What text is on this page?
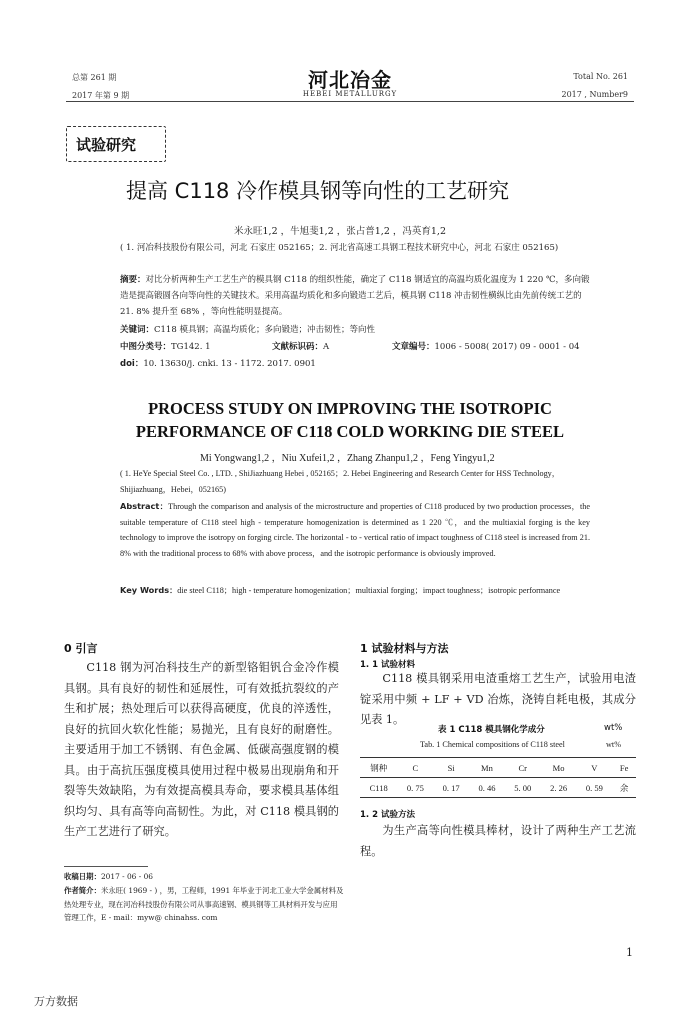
总第 261 期
2017 年第 9 期
河北冶金
HEBEI METALLURGY
Total No. 261
2017 , Number9
试验研究
提高 C118 冷作模具钢等向性的工艺研究
米永旺1,2 ，牛旭斐1,2 ，张占普1,2 ，冯英育1,2
( 1. 河冶科技股份有限公司，河北 石家庄 052165；2. 河北省高速工具钢工程技术研究中心，河北 石家庄 052165)
摘要：对比分析两种生产工艺生产的模具钢 C118 的组织性能，确定了 C118 钢适宜的高温均质化温度为 1 220 ℃，多向锻造是提高锻圆各向等向性的关键技术。采用高温均质化和多向锻造工艺后，模具钢 C118 冲击韧性横纵比由先前传统工艺的 21. 8% 提升至 68% ，等向性能明显提高。
关键词：C118 模具钢；高温均质化；多向锻造；冲击韧性；等向性
中图分类号：TG142. 1	文献标识码：A	文章编号：1006 - 5008( 2017) 09 - 0001 - 04
doi：10. 13630/j. cnki. 13 - 1172. 2017. 0901
PROCESS STUDY ON IMPROVING THE ISOTROPIC
PERFORMANCE OF C118 COLD WORKING DIE STEEL
Mi Yongwang1,2 ，Niu Xufei1,2 ，Zhang Zhanpu1,2 ，Feng Yingyu1,2
( 1. HeYe Special Steel Co. , LTD. , ShiJiazhuang Hebei , 052165；2. Hebei Engineering and Research Center for HSS Technology，Shijiazhuang，Hebei，052165)
Abstract：Through the comparison and analysis of the microstructure and properties of C118 produced by two production processes，the suitable temperature of C118 steel high - temperature homogenization is determined as 1 220 ℃，and the multiaxial forging is the key technology to improve the isotropy on forging circle. The horizontal - to - vertical ratio of impact toughness of C118 steel is increased from 21. 8% with the traditional process to 68% with above process，and the isotropic performance is obviously improved.
Key Words：die steel C118；high - temperature homogenization；multiaxial forging；impact toughness；isotropic performance
0 引言
C118 钢为河冶科技生产的新型铬钼钒合金冷作模具钢。具有良好的韧性和延展性，可有效抵抗裂纹的产生和扩展；热处理后可以获得高硬度，优良的淬透性，良好的抗回火软化性能；易抛光，且有良好的耐磨性。主要适用于加工不锈钢、有色金属、低碳高强度钢的模具。由于高抗压强度模具使用过程中极易出现崩角和开裂等失效缺陷，为有效提高模具寿命，要求模具基体组织均匀、具有高等向高韧性。为此，对 C118 模具钢的生产工艺进行了研究。
收稿日期：2017 - 06 - 06
作者简介：米永旺( 1969 - ) ，男，工程师，1991 年毕业于河北工业大学金属材料及热处理专业，现在河冶科技股份有限公司从事高速钢、模具钢等工具材料开发与应用管理工作，E - mail：myw@ chinahss. com
1 试验材料与方法
1. 1 试验材料
C118 模具钢采用电渣重熔工艺生产，试验用电渣锭采用中频 + LF + VD 冶炼，浇铸自耗电极，其成分见表 1。
表 1 C118 模具钢化学成分	wt%
Tab. 1 Chemical compositions of C118 steel	wt%
钢种	C	Si	Mn	Cr	Mo	V	Fe
C118	0. 75	0. 17	0. 46	5. 00	2. 26	0. 59	余
1. 2 试验方法
为生产高等向性模具棒材，设计了两种生产工艺流程。
1
万方数据
